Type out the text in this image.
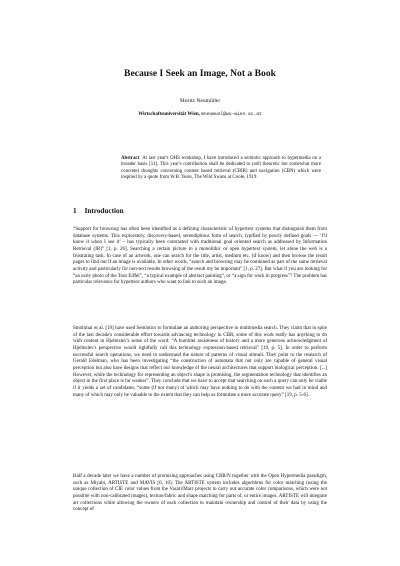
Because I Seek an Image, Not a Book
Moritz Neumüller
Wirtschaftsuniversität Wien, mneumuel@wu-wien.ac.at
Abstract At last year's OHS workshop, I have introduced a semiotic approach to hypermedia on a broader basis [11]. This year's contribution shall be dedicated to (still theoretic but somewhat more concrete) thoughts concerning content based retrieval (CBIR) and navigation (CBN) which were inspired by a quote from W.B. Yeats, The Wild Swans at Coole, 1919.
1 Introduction

“Support for browsing has often been identified as a defining characteristic of hypertext systems that distinguish them from database systems. This exploratory, discovery-based, serendipitous form of search, typified by poorly defined goals — ‘I'll know it when I see it’ – has typically been contrasted with traditional goal oriented search as addressed by Information Retrieval (IR)” [1, p. 26]. Searching a certain picture in a monolithic or open hypertext system, let alone the web is a frustrating task. In case of an artwork, one can search for the title, artist, medium etc. (if know) and then browse the result pages to find out if an image is available. In other words, “search and browsing may be combined as part of the same retrieval activity and particularly for non-text results browsing of the result my be important” [1, p. 27]. But what if you are looking for “an early photo of the Tour Eiffel”, “a typical example of abstract painting”, or “a sign for work in progress”? The problem has particular relevance for hypertext authors who want to link to such an image.

Smolimar et al. [19] have used Semiotics to formulate an authoring perspective to multimedia search. They claim that in spite of the last decade's considerable effort towards advancing technology in CBR, some of this work really has anything to do with content in Hjelmslev's sense of the word: “A humbler awareness of history and a more generous acknowledgment of Hjelmslev's perspective would rightfully call this technology expression-based retrieval” [19, p. 5]. In order to perform successful search operations, we need to understand the nature of patterns of visual stimuli. They point to the research of Gerald Edelman, who has been investigating “the construction of automata that not only are capable of general visual perception but also have designs that reflect our knowledge of the neural architectures that support biological perception. [...] However, while the technology for representing an object's shape is promising, the segmentation technology that identifies an object in the first place is far weaker”. They conclude that we have to accept that searching on such a query can only be viable if it yields a set of candidates, “some (if not many) of which may have nothing to do with the content we had in mind and many of which may only be valuable to the extent that they can help us formulate a more accurate query” [19, p. 5-6].

Half a decade later we have a number of promising approaches using CBR/N together with the Open Hypermedia paradigm, such as Miyabi, ARTISTE and MAVIS [6, 10]. The ARTISTE system includes algorithms for color matching (using the unique collection of CIE color values from the Vasari/Marc projects to carry out accurate color comparisons, which were not possible with non-calibrated images), texture/fabric and shape matching for parts of, or entire images. ARTISTE will integrate art collections while allowing the owners of each collection to maintain ownership and control of their data by using the concept of
